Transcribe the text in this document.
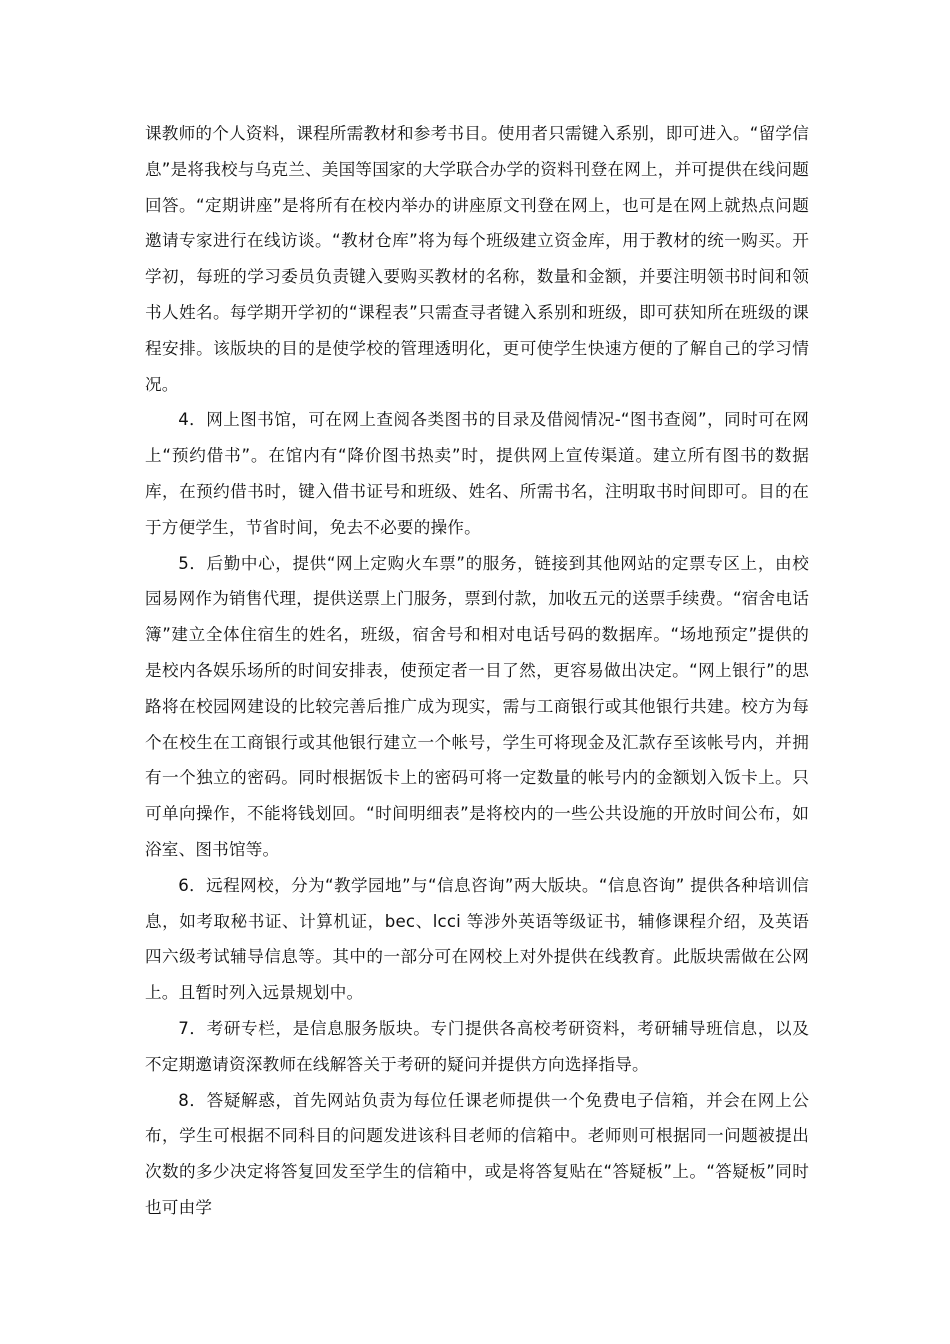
课教师的个人资料，课程所需教材和参考书目。使用者只需键入系别，即可进入。“留学信息”是将我校与乌克兰、美国等国家的大学联合办学的资料刊登在网上，并可提供在线问题回答。“定期讲座”是将所有在校内举办的讲座原文刊登在网上，也可是在网上就热点问题邀请专家进行在线访谈。“教材仓库”将为每个班级建立资金库，用于教材的统一购买。开学初，每班的学习委员负责键入要购买教材的名称，数量和金额，并要注明领书时间和领书人姓名。每学期开学初的“课程表”只需查寻者键入系别和班级，即可获知所在班级的课程安排。该版块的目的是使学校的管理透明化，更可使学生快速方便的了解自己的学习情况。

4．网上图书馆，可在网上查阅各类图书的目录及借阅情况-“图书查阅”，同时可在网上“预约借书”。在馆内有“降价图书热卖”时，提供网上宣传渠道。建立所有图书的数据库，在预约借书时，键入借书证号和班级、姓名、所需书名，注明取书时间即可。目的在于方便学生，节省时间，免去不必要的操作。

5．后勤中心，提供“网上定购火车票”的服务，链接到其他网站的定票专区上，由校园易网作为销售代理，提供送票上门服务，票到付款，加收五元的送票手续费。“宿舍电话簿”建立全体住宿生的姓名，班级，宿舍号和相对电话号码的数据库。“场地预定”提供的是校内各娱乐场所的时间安排表，使预定者一目了然，更容易做出决定。“网上银行”的思路将在校园网建设的比较完善后推广成为现实，需与工商银行或其他银行共建。校方为每个在校生在工商银行或其他银行建立一个帐号，学生可将现金及汇款存至该帐号内，并拥有一个独立的密码。同时根据饭卡上的密码可将一定数量的帐号内的金额划入饭卡上。只可单向操作，不能将钱划回。“时间明细表”是将校内的一些公共设施的开放时间公布，如浴室、图书馆等。

6．远程网校，分为“教学园地”与“信息咨询”两大版块。“信息咨询” 提供各种培训信息，如考取秘书证、计算机证，bec、lcci 等涉外英语等级证书，辅修课程介绍，及英语四六级考试辅导信息等。其中的一部分可在网校上对外提供在线教育。此版块需做在公网上。且暂时列入远景规划中。

7．考研专栏，是信息服务版块。专门提供各高校考研资料，考研辅导班信息，以及不定期邀请资深教师在线解答关于考研的疑问并提供方向选择指导。

8．答疑解惑，首先网站负责为每位任课老师提供一个免费电子信箱，并会在网上公布，学生可根据不同科目的问题发进该科目老师的信箱中。老师则可根据同一问题被提出次数的多少决定将答复回发至学生的信箱中，或是将答复贴在“答疑板”上。“答疑板”同时也可由学
